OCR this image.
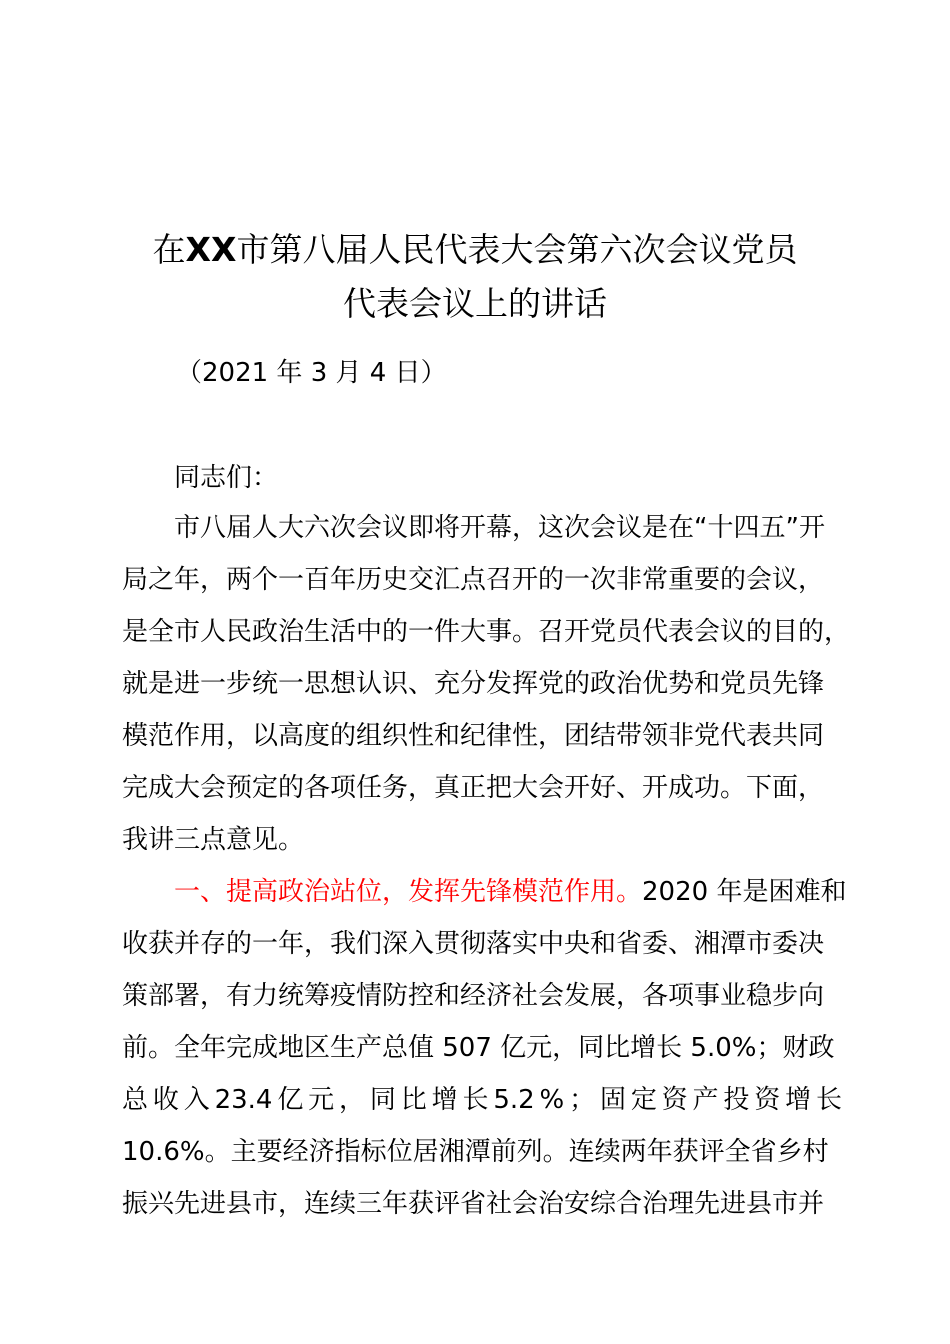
在XX市第八届人民代表大会第六次会议党员
代表会议上的讲话

（2021 年 3 月 4 日）

同志们：

市八届人大六次会议即将开幕，这次会议是在“十四五”开
局之年，两个一百年历史交汇点召开的一次非常重要的会议，
是全市人民政治生活中的一件大事。召开党员代表会议的目的，
就是进一步统一思想认识、充分发挥党的政治优势和党员先锋
模范作用，以高度的组织性和纪律性，团结带领非党代表共同
完成大会预定的各项任务，真正把大会开好、开成功。下面，
我讲三点意见。
一、提高政治站位，发挥先锋模范作用。2020 年是困难和
收获并存的一年，我们深入贯彻落实中央和省委、湘潭市委决
策部署，有力统筹疫情防控和经济社会发展，各项事业稳步向
前。全年完成地区生产总值 507 亿元，同比增长 5.0%；财政
总 收 入 23.4 亿 元 ， 同 比 增 长 5.2 % ； 固 定 资 产 投 资 增 长
10.6%。主要经济指标位居湘潭前列。连续两年获评全省乡村
振兴先进县市，连续三年获评省社会治安综合治理先进县市并
